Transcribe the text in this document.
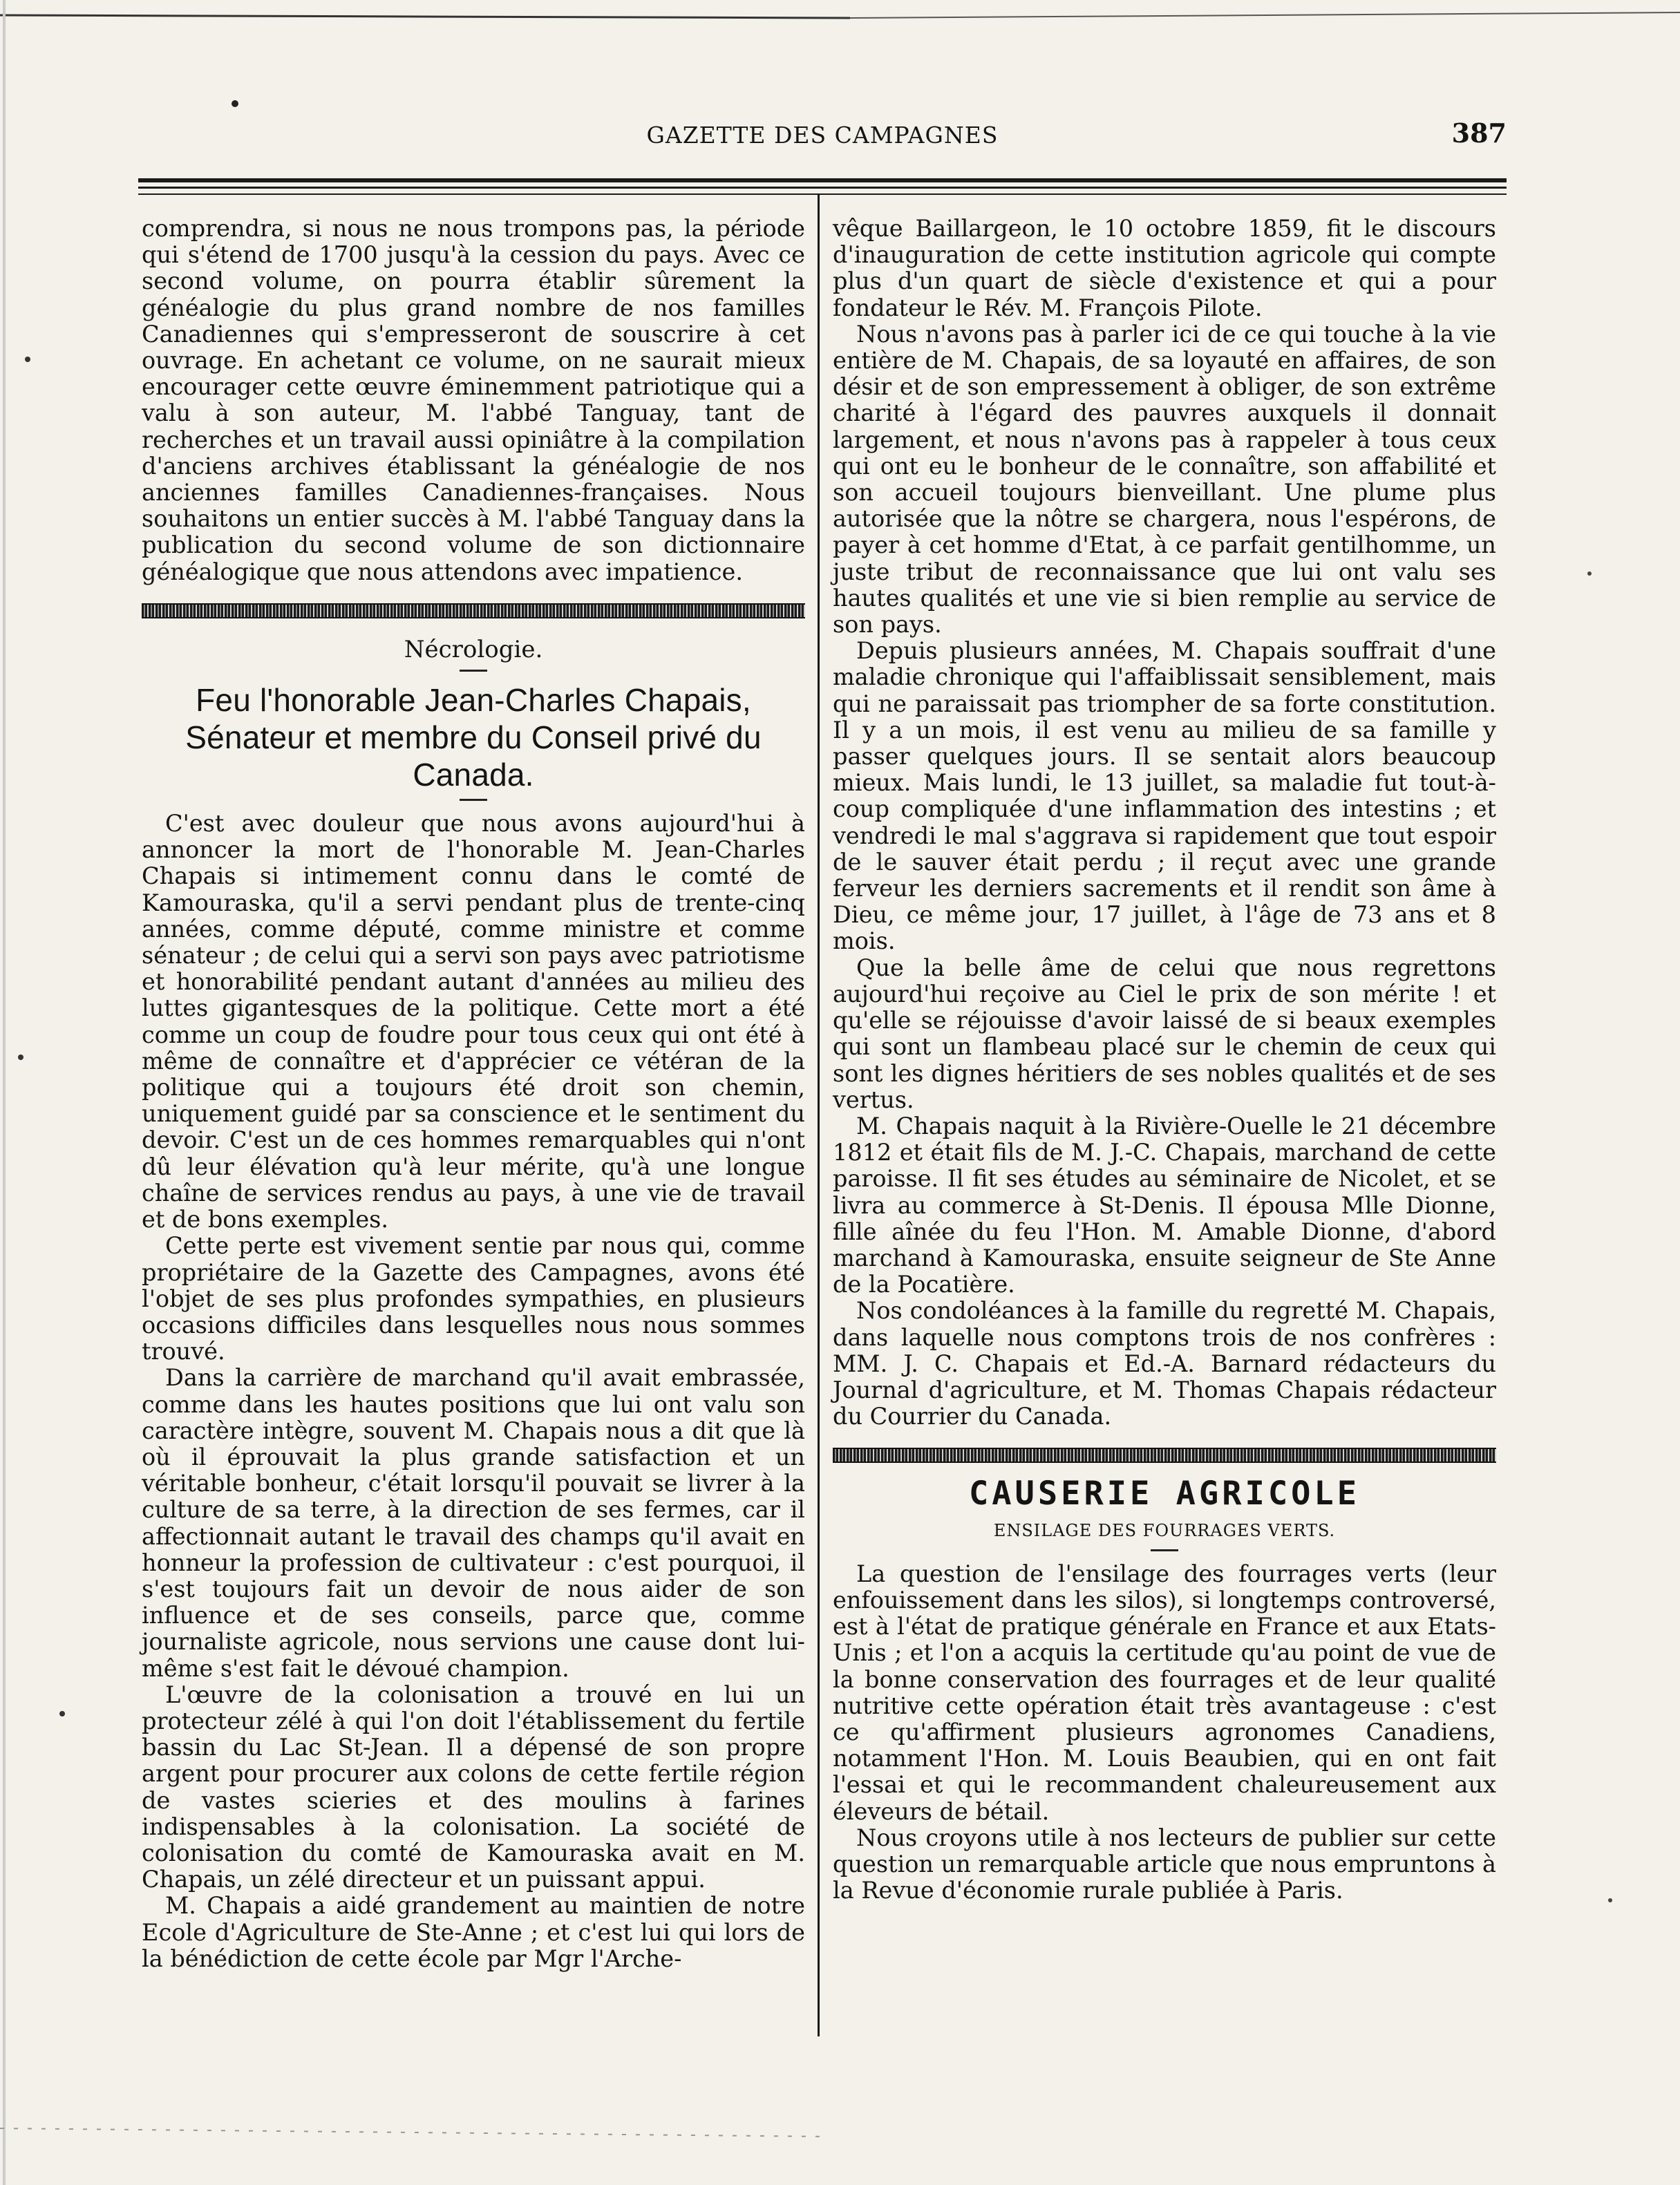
GAZETTE DES CAMPAGNES	387

comprendra, si nous ne nous trompons pas, la période qui s'étend de 1700 jusqu'à la cession du pays. Avec ce second volume, on pourra établir sûrement la généalogie du plus grand nombre de nos familles Canadiennes qui s'empresseront de souscrire à cet ouvrage. En achetant ce volume, on ne saurait mieux encourager cette œuvre éminemment patriotique qui a valu à son auteur, M. l'abbé Tanguay, tant de recherches et un travail aussi opiniâtre à la compilation d'anciens archives établissant la généalogie de nos anciennes familles Canadiennes-françaises. Nous souhaitons un entier succès à M. l'abbé Tanguay dans la publication du second volume de son dictionnaire généalogique que nous attendons avec impatience.

Nécrologie.
Feu l'honorable Jean-Charles Chapais, Sénateur et membre du Conseil privé du Canada.

C'est avec douleur que nous avons aujourd'hui à annoncer la mort de l'honorable M. Jean-Charles Chapais si intimement connu dans le comté de Kamouraska, qu'il a servi pendant plus de trente-cinq années, comme député, comme ministre et comme sénateur ; de celui qui a servi son pays avec patriotisme et honorabilité pendant autant d'années au milieu des luttes gigantesques de la politique. Cette mort a été comme un coup de foudre pour tous ceux qui ont été à même de connaître et d'apprécier ce vétéran de la politique qui a toujours été droit son chemin, uniquement guidé par sa conscience et le sentiment du devoir. C'est un de ces hommes remarquables qui n'ont dû leur élévation qu'à leur mérite, qu'à une longue chaîne de services rendus au pays, à une vie de travail et de bons exemples.

Cette perte est vivement sentie par nous qui, comme propriétaire de la Gazette des Campagnes, avons été l'objet de ses plus profondes sympathies, en plusieurs occasions difficiles dans lesquelles nous nous sommes trouvé.

Dans la carrière de marchand qu'il avait embrassée, comme dans les hautes positions que lui ont valu son caractère intègre, souvent M. Chapais nous a dit que là où il éprouvait la plus grande satisfaction et un véritable bonheur, c'était lorsqu'il pouvait se livrer à la culture de sa terre, à la direction de ses fermes, car il affectionnait autant le travail des champs qu'il avait en honneur la profession de cultivateur : c'est pourquoi, il s'est toujours fait un devoir de nous aider de son influence et de ses conseils, parce que, comme journaliste agricole, nous servions une cause dont lui-même s'est fait le dévoué champion.

L'œuvre de la colonisation a trouvé en lui un protecteur zélé à qui l'on doit l'établissement du fertile bassin du Lac St-Jean. Il a dépensé de son propre argent pour procurer aux colons de cette fertile région de vastes scieries et des moulins à farines indispensables à la colonisation. La société de colonisation du comté de Kamouraska avait en M. Chapais, un zélé directeur et un puissant appui.

M. Chapais a aidé grandement au maintien de notre Ecole d'Agriculture de Ste-Anne ; et c'est lui qui lors de la bénédiction de cette école par Mgr l'Arche-

vêque Baillargeon, le 10 octobre 1859, fit le discours d'inauguration de cette institution agricole qui compte plus d'un quart de siècle d'existence et qui a pour fondateur le Rév. M. François Pilote.

Nous n'avons pas à parler ici de ce qui touche à la vie entière de M. Chapais, de sa loyauté en affaires, de son désir et de son empressement à obliger, de son extrême charité à l'égard des pauvres auxquels il donnait largement, et nous n'avons pas à rappeler à tous ceux qui ont eu le bonheur de le connaître, son affabilité et son accueil toujours bienveillant. Une plume plus autorisée que la nôtre se chargera, nous l'espérons, de payer à cet homme d'Etat, à ce parfait gentilhomme, un juste tribut de reconnaissance que lui ont valu ses hautes qualités et une vie si bien remplie au service de son pays.

Depuis plusieurs années, M. Chapais souffrait d'une maladie chronique qui l'affaiblissait sensiblement, mais qui ne paraissait pas triompher de sa forte constitution. Il y a un mois, il est venu au milieu de sa famille y passer quelques jours. Il se sentait alors beaucoup mieux. Mais lundi, le 13 juillet, sa maladie fut tout-à-coup compliquée d'une inflammation des intestins ; et vendredi le mal s'aggrava si rapidement que tout espoir de le sauver était perdu ; il reçut avec une grande ferveur les derniers sacrements et il rendit son âme à Dieu, ce même jour, 17 juillet, à l'âge de 73 ans et 8 mois.

Que la belle âme de celui que nous regrettons aujourd'hui reçoive au Ciel le prix de son mérite ! et qu'elle se réjouisse d'avoir laissé de si beaux exemples qui sont un flambeau placé sur le chemin de ceux qui sont les dignes héritiers de ses nobles qualités et de ses vertus.

M. Chapais naquit à la Rivière-Ouelle le 21 décembre 1812 et était fils de M. J.-C. Chapais, marchand de cette paroisse. Il fit ses études au séminaire de Nicolet, et se livra au commerce à St-Denis. Il épousa Mlle Dionne, fille aînée du feu l'Hon. M. Amable Dionne, d'abord marchand à Kamouraska, ensuite seigneur de Ste Anne de la Pocatière.

Nos condoléances à la famille du regretté M. Chapais, dans laquelle nous comptons trois de nos confrères : MM. J. C. Chapais et Ed.-A. Barnard rédacteurs du Journal d'agriculture, et M. Thomas Chapais rédacteur du Courrier du Canada.

CAUSERIE AGRICOLE
ENSILAGE DES FOURRAGES VERTS.

La question de l'ensilage des fourrages verts (leur enfouissement dans les silos), si longtemps controversé, est à l'état de pratique générale en France et aux Etats-Unis ; et l'on a acquis la certitude qu'au point de vue de la bonne conservation des fourrages et de leur qualité nutritive cette opération était très avantageuse : c'est ce qu'affirment plusieurs agronomes Canadiens, notamment l'Hon. M. Louis Beaubien, qui en ont fait l'essai et qui le recommandent chaleureusement aux éleveurs de bétail.

Nous croyons utile à nos lecteurs de publier sur cette question un remarquable article que nous empruntons à la Revue d'économie rurale publiée à Paris.
